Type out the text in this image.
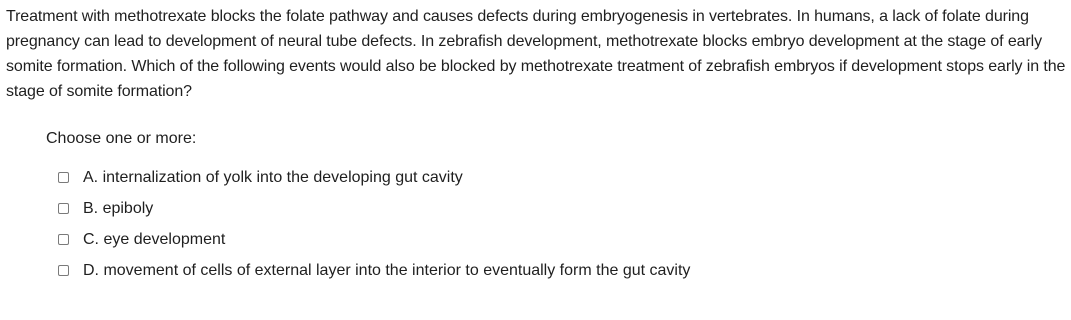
Treatment with methotrexate blocks the folate pathway and causes defects during embryogenesis in vertebrates. In humans, a lack of folate during pregnancy can lead to development of neural tube defects. In zebrafish development, methotrexate blocks embryo development at the stage of early somite formation. Which of the following events would also be blocked by methotrexate treatment of zebrafish embryos if development stops early in the stage of somite formation?

Choose one or more:

A. internalization of yolk into the developing gut cavity
B. epiboly
C. eye development
D. movement of cells of external layer into the interior to eventually form the gut cavity
